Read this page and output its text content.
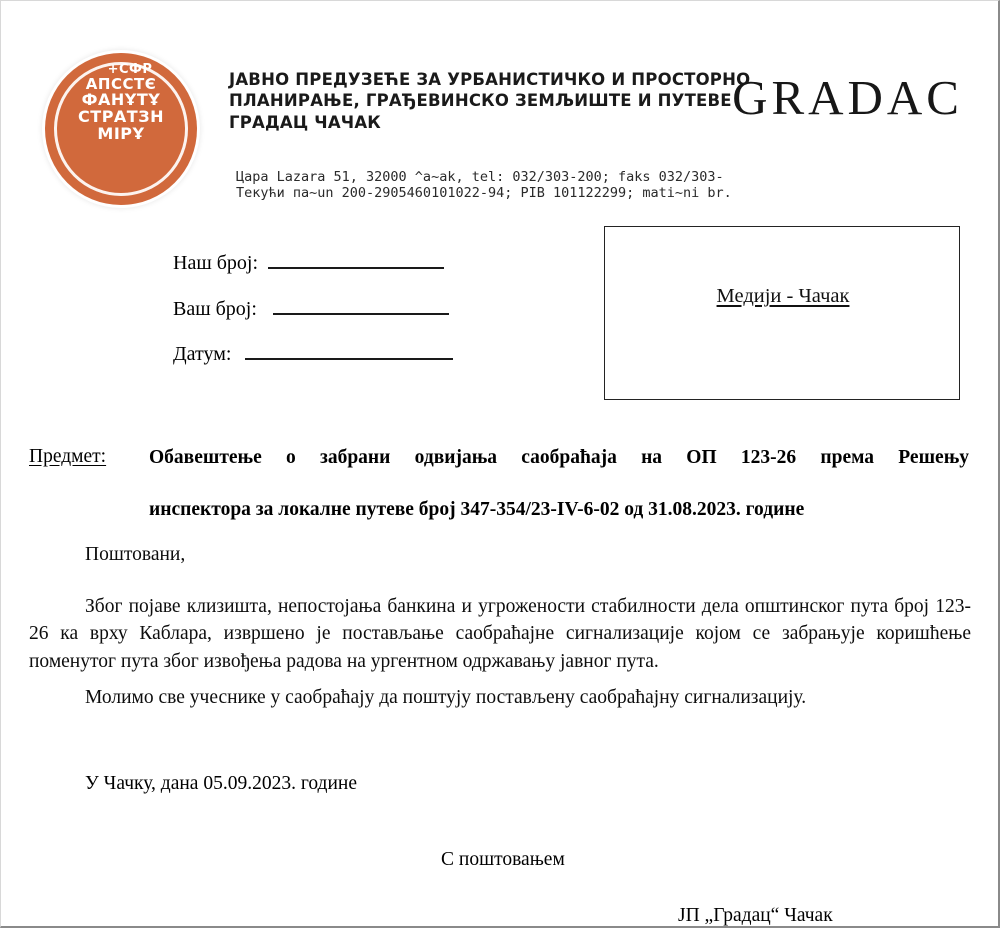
+СФР
АПССТЄ
ФАНҰТҰ
СТРАТЗН
МІРҰ
ЈАВНО ПРЕДУЗЕЋЕ ЗА УРБАНИСТИЧКО И ПРОСТОРНО
ПЛАНИРАЊЕ, ГРАЂЕВИНСКО ЗЕМЉИШТЕ И ПУТЕВЕ
ГРАДАЦ ЧАЧАК	GRADAC
Цара Lazara 51, 32000 ^a~ak, tel: 032/303-200; faks 032/303-
Текући па~un 200-2905460101022-94; PIB 101122299; mati~ni br.
Наш број:
Ваш број:
Датум:
Медији - Чачак
Предмет:	Обавештење о забрани одвијања саобраћаја на ОП 123-26 према Решењу
инспектора за локалне путеве број 347-354/23-IV-6-02 од 31.08.2023. године

Поштовани,

Због појаве клизишта, непостојања банкина и угрожености стабилности дела општинског пута број 123-26 ка врху Каблара, извршено је постављање саобраћајне сигнализације којом се забрањује коришћење поменутог пута због извођења радова на ургентном одржавању јавног пута.

Молимо све учеснике у саобраћају да поштују постављену саобраћајну сигнализацију.

У Чачку, дана 05.09.2023. године
С поштовањем
ЈП „Градац“ Чачак
